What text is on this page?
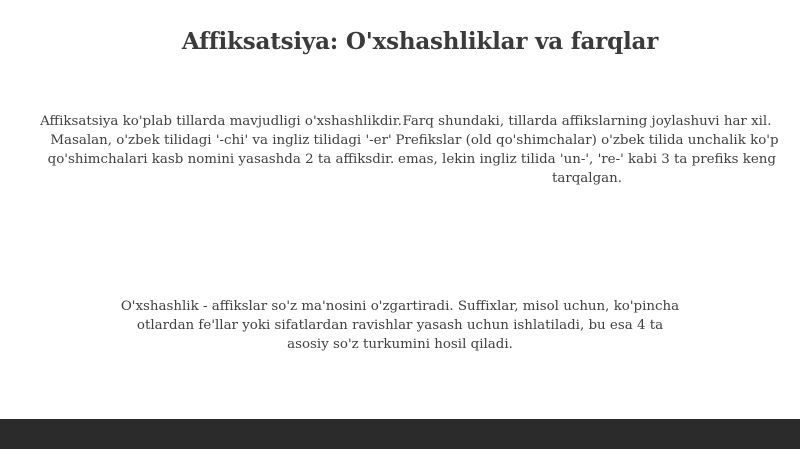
Affiksatsiya: O'xshashliklar va farqlar
Affiksatsiya ko'plab tillarda mavjudligi o'xshashlikdir. Masalan, o'zbek tilidagi '-chi' va ingliz tilidagi '-er' qo'shimchalari kasb nomini yasashda 2 ta affiksdir.
Farq shundaki, tillarda affikslarning joylashuvi har xil. Prefikslar (old qo'shimchalar) o'zbek tilida unchalik ko'p emas, lekin ingliz tilida 'un-', 're-' kabi 3 ta prefiks keng tarqalgan.
O'xshashlik - affikslar so'z ma'nosini o'zgartiradi. Suffixlar, misol uchun, ko'pincha otlardan fe'llar yoki sifatlardan ravishlar yasash uchun ishlatiladi, bu esa 4 ta asosiy so'z turkumini hosil qiladi.
